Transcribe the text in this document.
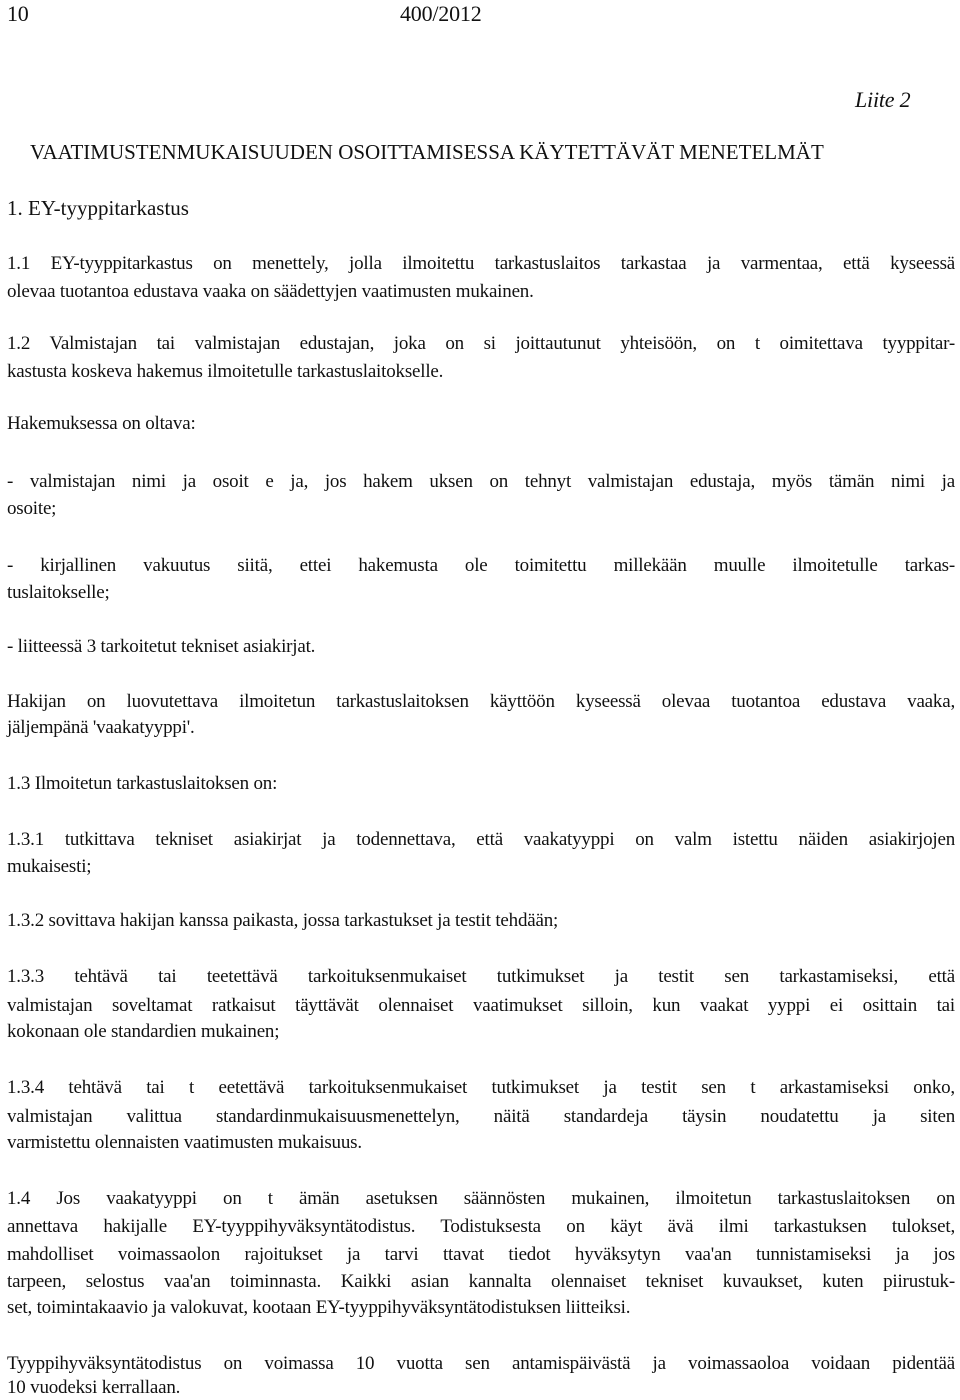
10	400/2012
Liite 2
VAATIMUSTENMUKAISUUDEN OSOITTAMISESSA KÄYTETTÄVÄT MENETELMÄT
1. EY-tyyppitarkastus
1.1 EY-tyyppitarkastus on menettely, jolla ilmoitettu tarkastuslaitos tarkastaa ja varmentaa, että kyseessä
olevaa tuotantoa edustava vaaka on säädettyjen vaatimusten mukainen.
1.2 Valmistajan tai valmistajan edustajan, joka on si joittautunut yhteisöön, on t oimitettava tyyppitar-
kastusta koskeva hakemus ilmoitetulle tarkastuslaitokselle.
Hakemuksessa on oltava:
- valmistajan nimi ja osoit e ja, jos hakem uksen on tehnyt valmistajan edustaja, myös tämän nimi ja
osoite;
- kirjallinen vakuutus siitä, ettei hakemusta ole toimitettu millekään muulle ilmoitetulle tarkas-
tuslaitokselle;
- liitteessä 3 tarkoitetut tekniset asiakirjat.
Hakijan on luovutettava ilmoitetun tarkastuslaitoksen käyttöön kyseessä olevaa tuotantoa edustava vaaka,
jäljempänä 'vaakatyyppi'.
1.3 Ilmoitetun tarkastuslaitoksen on:
1.3.1 tutkittava tekniset asiakirjat ja todennettava, että vaakatyyppi on valm istettu näiden asiakirjojen
mukaisesti;
1.3.2 sovittava hakijan kanssa paikasta, jossa tarkastukset ja testit tehdään;
1.3.3 tehtävä tai teetettävä tarkoituksenmukaiset tutkimukset ja testit sen tarkastamiseksi, että
valmistajan soveltamat ratkaisut täyttävät olennaiset vaatimukset silloin, kun vaakat yyppi ei osittain tai
kokonaan ole standardien mukainen;
1.3.4 tehtävä tai t eetettävä tarkoituksenmukaiset tutkimukset ja testit sen t arkastamiseksi onko,
valmistajan valittua standardinmukaisuusmenettelyn, näitä standardeja täysin noudatettu ja siten
varmistettu olennaisten vaatimusten mukaisuus.
1.4 Jos vaakatyyppi on t ämän asetuksen säännösten mukainen, ilmoitetun tarkastuslaitoksen on
annettava hakijalle EY-tyyppihyväksyntätodistus. Todistuksesta on käyt ävä ilmi tarkastuksen tulokset,
mahdolliset voimassaolon rajoitukset ja tarvi ttavat tiedot hyväksytyn vaa'an tunnistamiseksi ja jos
tarpeen, selostus vaa'an toiminnasta. Kaikki asian kannalta olennaiset tekniset kuvaukset, kuten piirustuk-
set, toimintakaavio ja valokuvat, kootaan EY-tyyppihyväksyntätodistuksen liitteiksi.
Tyyppihyväksyntätodistus on voimassa 10 vuotta sen antamispäivästä ja voimassaoloa voidaan pidentää
10 vuodeksi kerrallaan.
